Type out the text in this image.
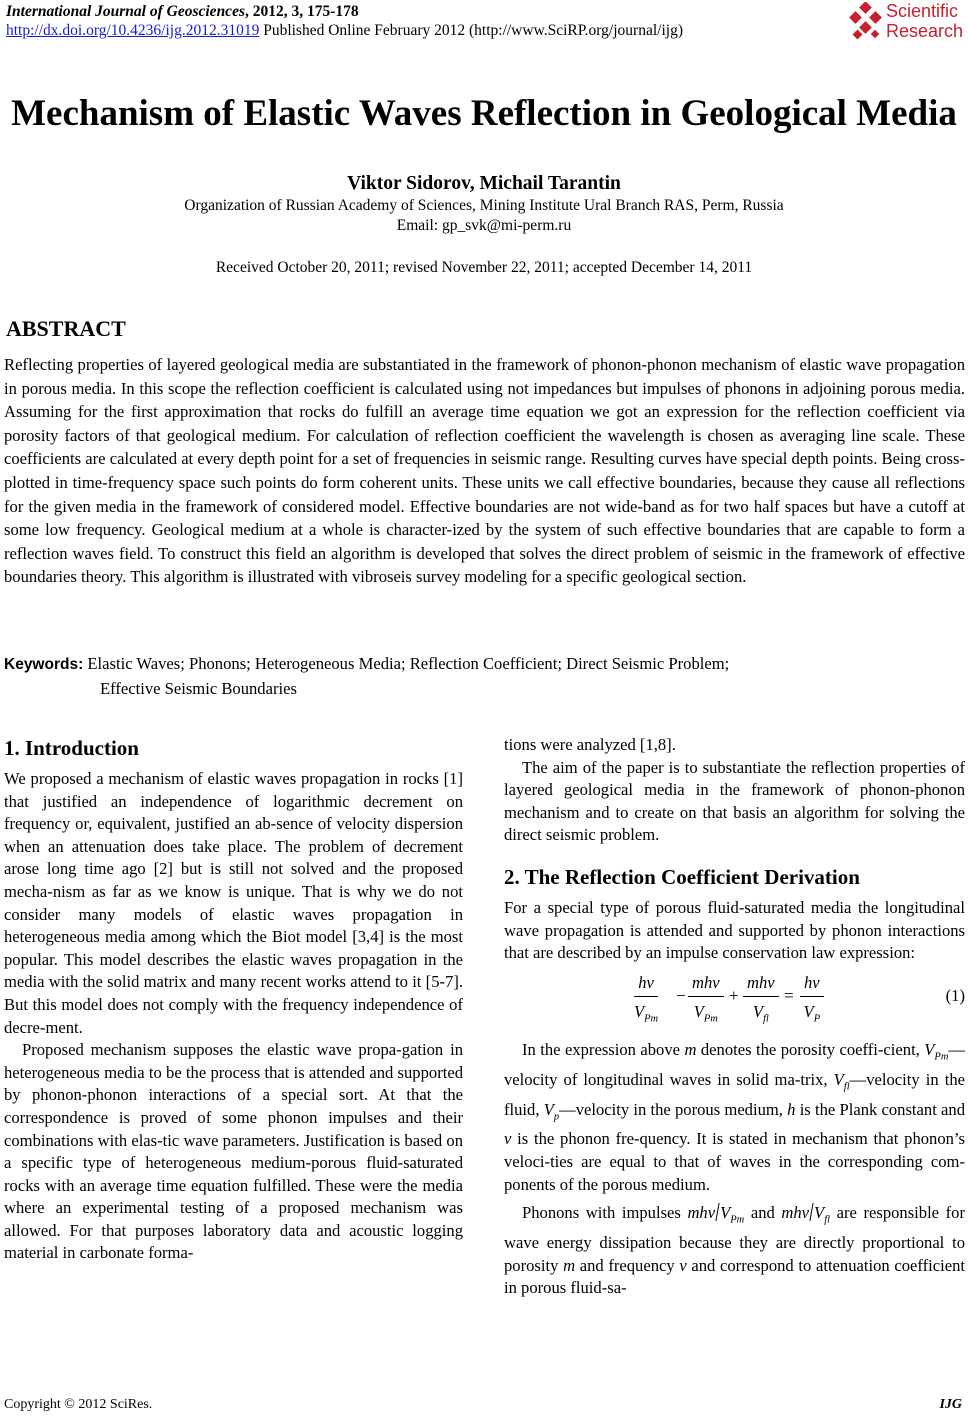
International Journal of Geosciences, 2012, 3, 175-178
http://dx.doi.org/10.4236/ijg.2012.31019 Published Online February 2012 (http://www.SciRP.org/journal/ijg)
Scientific
Research
Mechanism of Elastic Waves Reflection in Geological Media
Viktor Sidorov, Michail Tarantin
Organization of Russian Academy of Sciences, Mining Institute Ural Branch RAS, Perm, Russia
Email: gp_svk@mi-perm.ru
Received October 20, 2011; revised November 22, 2011; accepted December 14, 2011
ABSTRACT
Reflecting properties of layered geological media are substantiated in the framework of phonon-phonon mechanism of elastic wave propagation in porous media. In this scope the reflection coefficient is calculated using not impedances but impulses of phonons in adjoining porous media. Assuming for the first approximation that rocks do fulfill an average time equation we got an expression for the reflection coefficient via porosity factors of that geological medium. For calculation of reflection coefficient the wavelength is chosen as averaging line scale. These coefficients are calculated at every depth point for a set of frequencies in seismic range. Resulting curves have special depth points. Being cross-plotted in time-frequency space such points do form coherent units. These units we call effective boundaries, because they cause all reflections for the given media in the framework of considered model. Effective boundaries are not wide-band as for two half spaces but have a cutoff at some low frequency. Geological medium at a whole is character-ized by the system of such effective boundaries that are capable to form a reflection waves field. To construct this field an algorithm is developed that solves the direct problem of seismic in the framework of effective boundaries theory. This algorithm is illustrated with vibroseis survey modeling for a specific geological section.
Keywords: Elastic Waves; Phonons; Heterogeneous Media; Reflection Coefficient; Direct Seismic Problem;
Effective Seismic Boundaries
1. Introduction

We proposed a mechanism of elastic waves propagation in rocks [1] that justified an independence of logarithmic decrement on frequency or, equivalent, justified an ab-sence of velocity dispersion when an attenuation does take place. The problem of decrement arose long time ago [2] but is still not solved and the proposed mecha-nism as far as we know is unique. That is why we do not consider many models of elastic waves propagation in heterogeneous media among which the Biot model [3,4] is the most popular. This model describes the elastic waves propagation in the media with the solid matrix and many recent works attend to it [5-7]. But this model does not comply with the frequency independence of decre-ment.

Proposed mechanism supposes the elastic wave propa-gation in heterogeneous media to be the process that is attended and supported by phonon-phonon interactions of a special sort. At that the correspondence is proved of some phonon impulses and their combinations with elas-tic wave parameters. Justification is based on a specific type of heterogeneous medium-porous fluid-saturated rocks with an average time equation fulfilled. These were the media where an experimental testing of a proposed mechanism was allowed. For that purposes laboratory data and acoustic logging material in carbonate forma-

tions were analyzed [1,8].

The aim of the paper is to substantiate the reflection properties of layered geological media in the framework of phonon-phonon mechanism and to create on that basis an algorithm for solving the direct seismic problem.

2. The Reflection Coefficient Derivation

For a special type of porous fluid-saturated media the longitudinal wave propagation is attended and supported by phonon interactions that are described by an impulse conservation law expression:

hν
$V_{Pm}$
−
mhν
$V_{Pm}$
+
mhν
$V_{fl}$
= $\frac{h\nu}{V_P}$	(1)

In the expression above m denotes the porosity coeffi-cient, $V_{Pm}—velocity$ of longitudinal waves in solid ma-trix, $V_{fl}—velocity$ in the fluid, $V_p—velocity$ in the porous medium, h is the Plank constant and v is the phonon fre-quency. It is stated in mechanism that phonon’s veloci-ties are equal to that of waves in the corresponding com-ponents of the porous medium.

Phonons with impulses mhν $V_{Pm}$ and mhν $V_{fl}$ are responsible for wave energy dissipation because they are directly proportional to porosity m and frequency v and correspond to attenuation coefficient in porous fluid-sa-

Copyright © 2012 SciRes.	IJG
